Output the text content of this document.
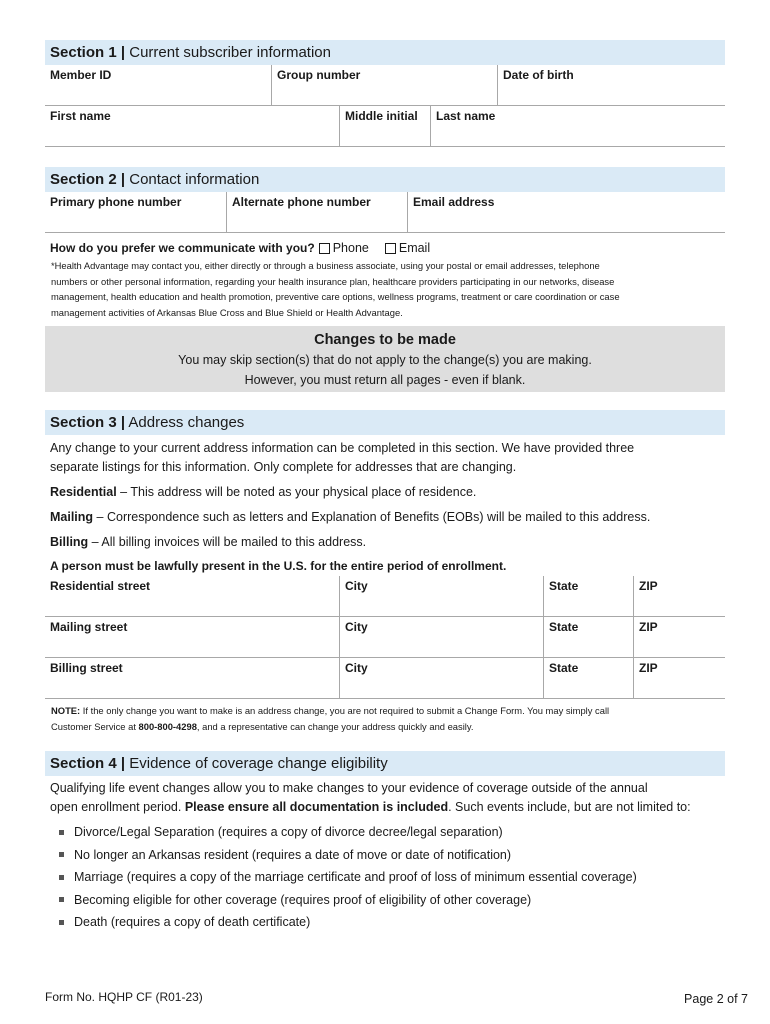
Section 1 | Current subscriber information
Member ID	Group number	Date of birth
First name	Middle initial	Last name
Section 2 | Contact information
Primary phone number	Alternate phone number	Email address
How do you prefer we communicate with you? Phone Email
*Health Advantage may contact you, either directly or through a business associate, using your postal or email addresses, telephone
numbers or other personal information, regarding your health insurance plan, healthcare providers participating in our networks, disease
management, health education and health promotion, preventive care options, wellness programs, treatment or care coordination or case
management activities of Arkansas Blue Cross and Blue Shield or Health Advantage.
Changes to be made
You may skip section(s) that do not apply to the change(s) you are making.
However, you must return all pages - even if blank.
Section 3 | Address changes
Any change to your current address information can be completed in this section. We have provided three
separate listings for this information. Only complete for addresses that are changing.
Residential – This address will be noted as your physical place of residence.
Mailing – Correspondence such as letters and Explanation of Benefits (EOBs) will be mailed to this address.
Billing – All billing invoices will be mailed to this address.
A person must be lawfully present in the U.S. for the entire period of enrollment.
Residential street	City	State	ZIP
Mailing street	City	State	ZIP
Billing street	City	State	ZIP
NOTE: If the only change you want to make is an address change, you are not required to submit a Change Form. You may simply call
Customer Service at 800-800-4298, and a representative can change your address quickly and easily.
Section 4 | Evidence of coverage change eligibility
Qualifying life event changes allow you to make changes to your evidence of coverage outside of the annual
open enrollment period. Please ensure all documentation is included. Such events include, but are not limited to:
Divorce/Legal Separation (requires a copy of divorce decree/legal separation)
No longer an Arkansas resident (requires a date of move or date of notification)
Marriage (requires a copy of the marriage certificate and proof of loss of minimum essential coverage)
Becoming eligible for other coverage (requires proof of eligibility of other coverage)
Death (requires a copy of death certificate)
Form No. HQHP CF (R01-23)	Page 2 of 7
